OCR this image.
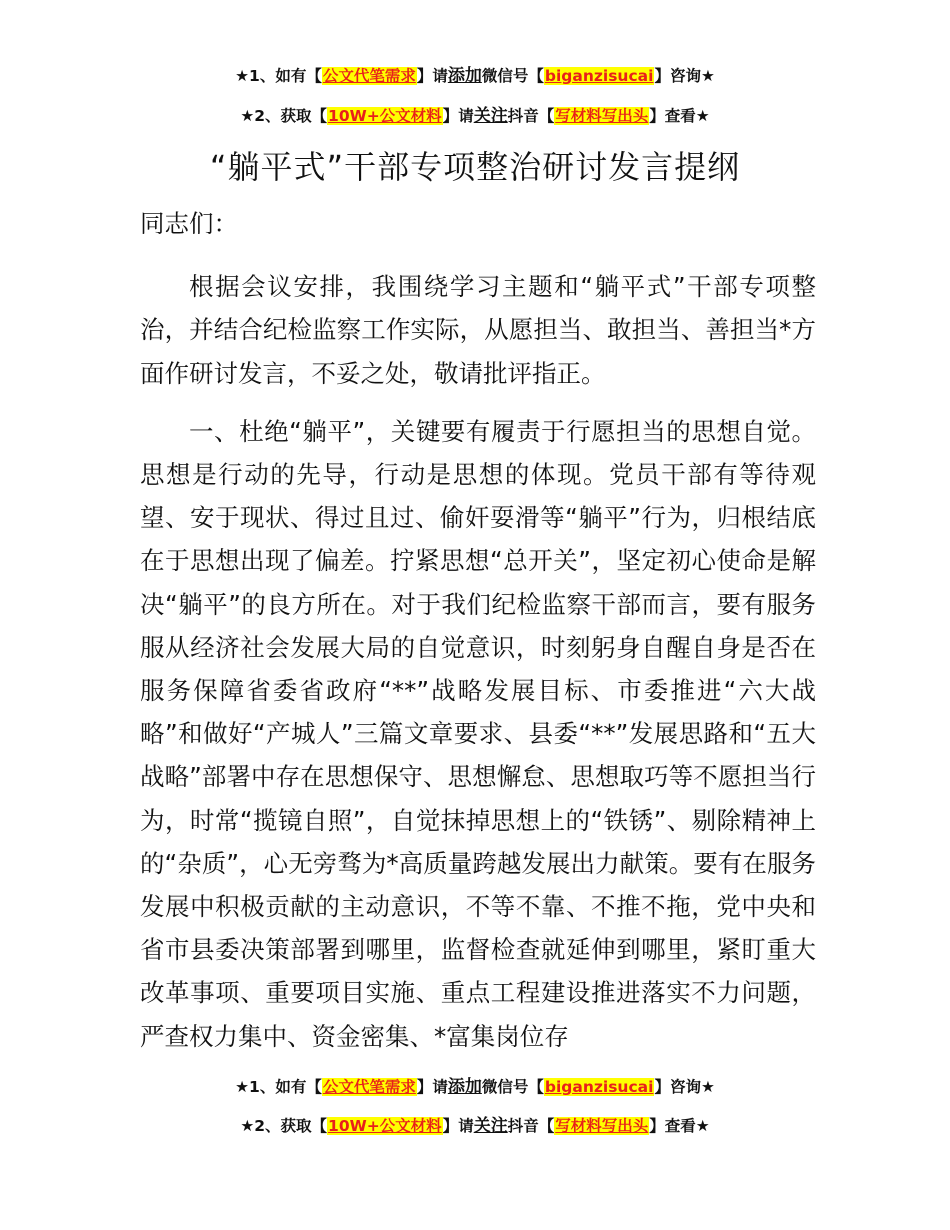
★1、如有【公文代笔需求】请添加微信号【biganzisucai】咨询★
★2、获取【10W+公文材料】请关注抖音【写材料写出头】查看★
“躺平式”干部专项整治研讨发言提纲

同志们：

根据会议安排，我围绕学习主题和“躺平式”干部专项整治，并结合纪检监察工作实际，从愿担当、敢担当、善担当*方面作研讨发言，不妥之处，敬请批评指正。

一、杜绝“躺平”，关键要有履责于行愿担当的思想自觉。思想是行动的先导，行动是思想的体现。党员干部有等待观望、安于现状、得过且过、偷奸耍滑等“躺平”行为，归根结底在于思想出现了偏差。拧紧思想“总开关”，坚定初心使命是解决“躺平”的良方所在。对于我们纪检监察干部而言，要有服务服从经济社会发展大局的自觉意识，时刻躬身自醒自身是否在服务保障省委省政府“**”战略发展目标、市委推进“六大战略”和做好“产城人”三篇文章要求、县委“**”发展思路和“五大战略”部署中存在思想保守、思想懈怠、思想取巧等不愿担当行为，时常“揽镜自照”，自觉抹掉思想上的“铁锈”、剔除精神上的“杂质”，心无旁骛为*高质量跨越发展出力献策。要有在服务发展中积极贡献的主动意识，不等不靠、不推不拖，党中央和省市县委决策部署到哪里，监督检查就延伸到哪里，紧盯重大改革事项、重要项目实施、重点工程建设推进落实不力问题，严查权力集中、资金密集、*富集岗位存

★1、如有【公文代笔需求】请添加微信号【biganzisucai】咨询★
★2、获取【10W+公文材料】请关注抖音【写材料写出头】查看★
